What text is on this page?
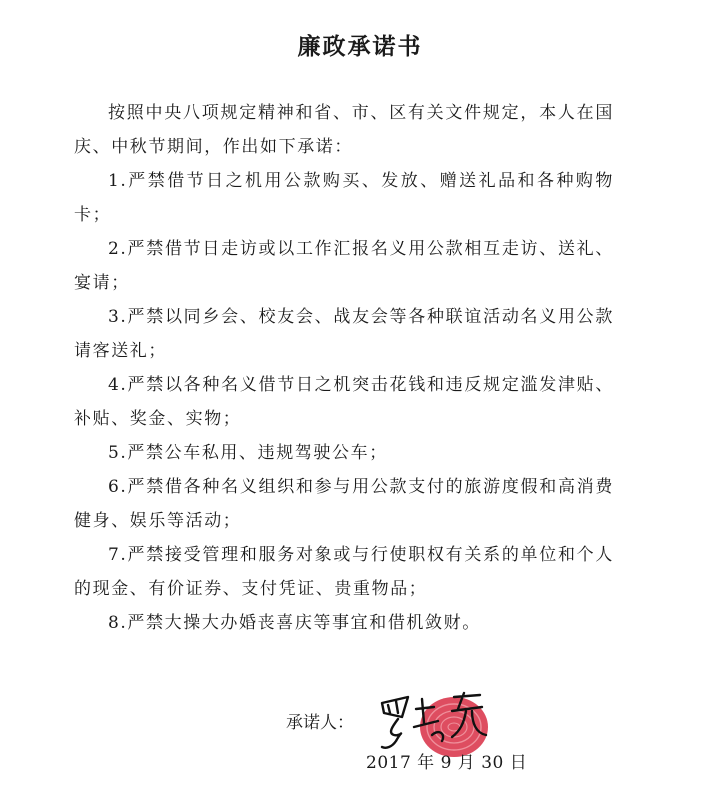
廉政承诺书
按照中央八项规定精神和省、市、区有关文件规定，本人在国庆、中秋节期间，作出如下承诺：
1.严禁借节日之机用公款购买、发放、赠送礼品和各种购物卡；
2.严禁借节日走访或以工作汇报名义用公款相互走访、送礼、宴请；
3.严禁以同乡会、校友会、战友会等各种联谊活动名义用公款请客送礼；
4.严禁以各种名义借节日之机突击花钱和违反规定滥发津贴、补贴、奖金、实物；
5.严禁公车私用、违规驾驶公车；
6.严禁借各种名义组织和参与用公款支付的旅游度假和高消费健身、娱乐等活动；
7.严禁接受管理和服务对象或与行使职权有关系的单位和个人的现金、有价证券、支付凭证、贵重物品；
8.严禁大操大办婚丧喜庆等事宜和借机敛财。
承诺人：
2017 年 9 月 30 日
